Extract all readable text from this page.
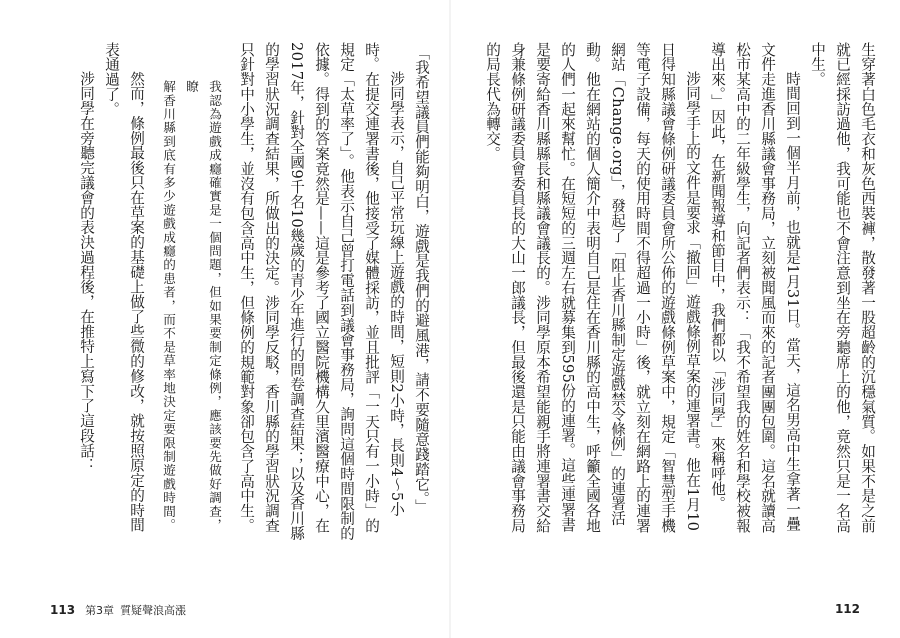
「我希望議員們能夠明白，遊戲是我們的避風港，請不要隨意踐踏它。」

涉同學表示，自己平常玩線上遊戲的時間，短則2小時，長則4～5小時。在提交連署書後，他接受了媒體採訪，並且批評「一天只有一小時」的規定「太草率了」。他表示自己曾打電話到議會事務局，詢問這個時間限制的依據。得到的答案竟然是——這是參考了國立醫院機構久里濱醫療中心，在2017年，針對全國9千名10幾歲的青少年進行的問卷調查結果；以及香川縣的學習狀況調查結果，所做出的決定。涉同學反駁，香川縣的學習狀況調查只針對中小學生，並沒有包含高中生，但條例的規範對象卻包含了高中生。

我認為遊戲成癮確實是一個問題，但如果要制定條例，應該要先做好調查，瞭
解香川縣到底有多少遊戲成癮的患者，而不是草率地決定要限制遊戲時間。

然而，條例最後只在草案的基礎上做了些微的修改，就按照原定的時間表通過了。

涉同學在旁聽完議會的表決過程後，在推特上寫下了這段話：

113 第3章 質疑聲浪高漲

生穿著白色毛衣和灰色西裝褲，散發著一股超齡的沉穩氣質。如果不是之前就已經採訪過他，我可能也不會注意到坐在旁聽席上的他，竟然只是一名高中生。

時間回到一個半月前，也就是1月31日。當天，這名男高中生拿著一疊文件走進香川縣議會事務局，立刻被聞風而來的記者團團包圍。這名就讀高松市某高中的二年級學生，向記者們表示：「我不希望我的姓名和學校被報導出來。」因此，在新聞報導和節目中，我們都以「涉同學」來稱呼他。

涉同學手上的文件是要求「撤回」遊戲條例草案的連署書。他在1月10日得知縣議會條例研議委員會所公佈的遊戲條例草案中，規定「智慧型手機等電子設備，每天的使用時間不得超過一小時」後，就立刻在網路上的連署網站「Change.org」，發起了「阻止香川縣制定遊戲禁令條例」的連署活動。他在網站的個人簡介中表明自己是住在香川縣的高中生，呼籲全國各地的人們一起來幫忙。在短短的三週左右就募集到595份的連署。這些連署書是要寄給香川縣縣長和縣議會議長的。涉同學原本希望能親手將連署書交給身兼條例研議委員會委員長的大山一郎議長，但最後還是只能由議會事務局的局長代為轉交。

112
